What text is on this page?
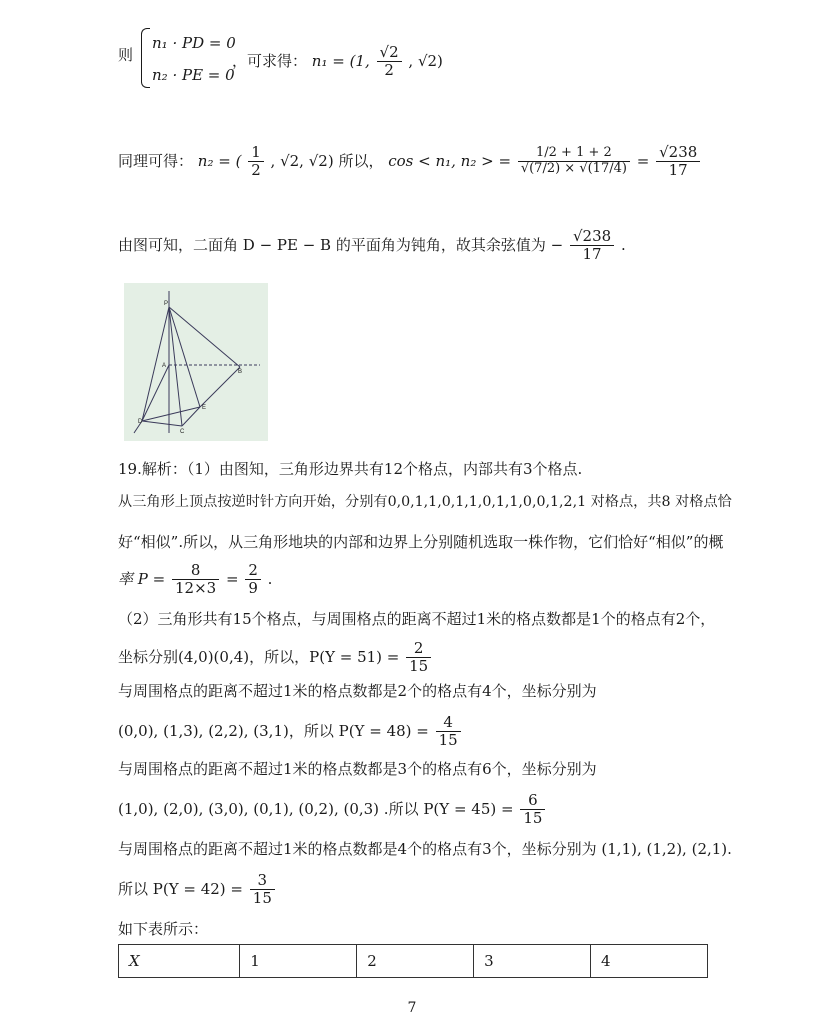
则
n₁ · PD = 0
n₂ · PE = 0
，可求得： n₁ = (1, $\frac{√2}{2}$ , √2)
同理可得： n₂ = ( $\frac{1}{2}$ , √2, √2) 所以， cos < n₁, n₂ > = $\frac{1/2 + 1 + 2}{√(7/2) \times √(17/4)} = \frac{√238}{17}$
由图可知，二面角 D − PE − B 的平面角为钝角，故其余弦值为 − $\frac{√238}{17}$ .
P
A
B
D
C
E
19.解析：（1）由图知，三角形边界共有12个格点，内部共有3个格点.
从三角形上顶点按逆时针方向开始，分别有0,0,1,1,0,1,1,0,1,1,0,0,1,2,1 对格点，共8 对格点恰
好“相似”.所以，从三角形地块的内部和边界上分别随机选取一株作物，它们恰好“相似”的概
率 $P = \frac{8}{12\times 3} = \frac{2}{9}$ .
（2）三角形共有15个格点，与周围格点的距离不超过1米的格点数都是1个的格点有2个，
坐标分别(4,0)(0,4)，所以，$P(Y = 51) = \frac{2}{15}$
与周围格点的距离不超过1米的格点数都是2个的格点有4个，坐标分别为
(0,0), (1,3), (2,2), (3,1)，所以 $P(Y = 48) = \frac{4}{15}$
与周围格点的距离不超过1米的格点数都是3个的格点有6个，坐标分别为
(1,0), (2,0), (3,0), (0,1), (0,2), (0,3) .所以 $P(Y = 45) = \frac{6}{15}$
与周围格点的距离不超过1米的格点数都是4个的格点有3个，坐标分别为 (1,1), (1,2), (2,1).
所以 $P(Y = 42) = \frac{3}{15}$
如下表所示：
X	1	2	3	4
7
